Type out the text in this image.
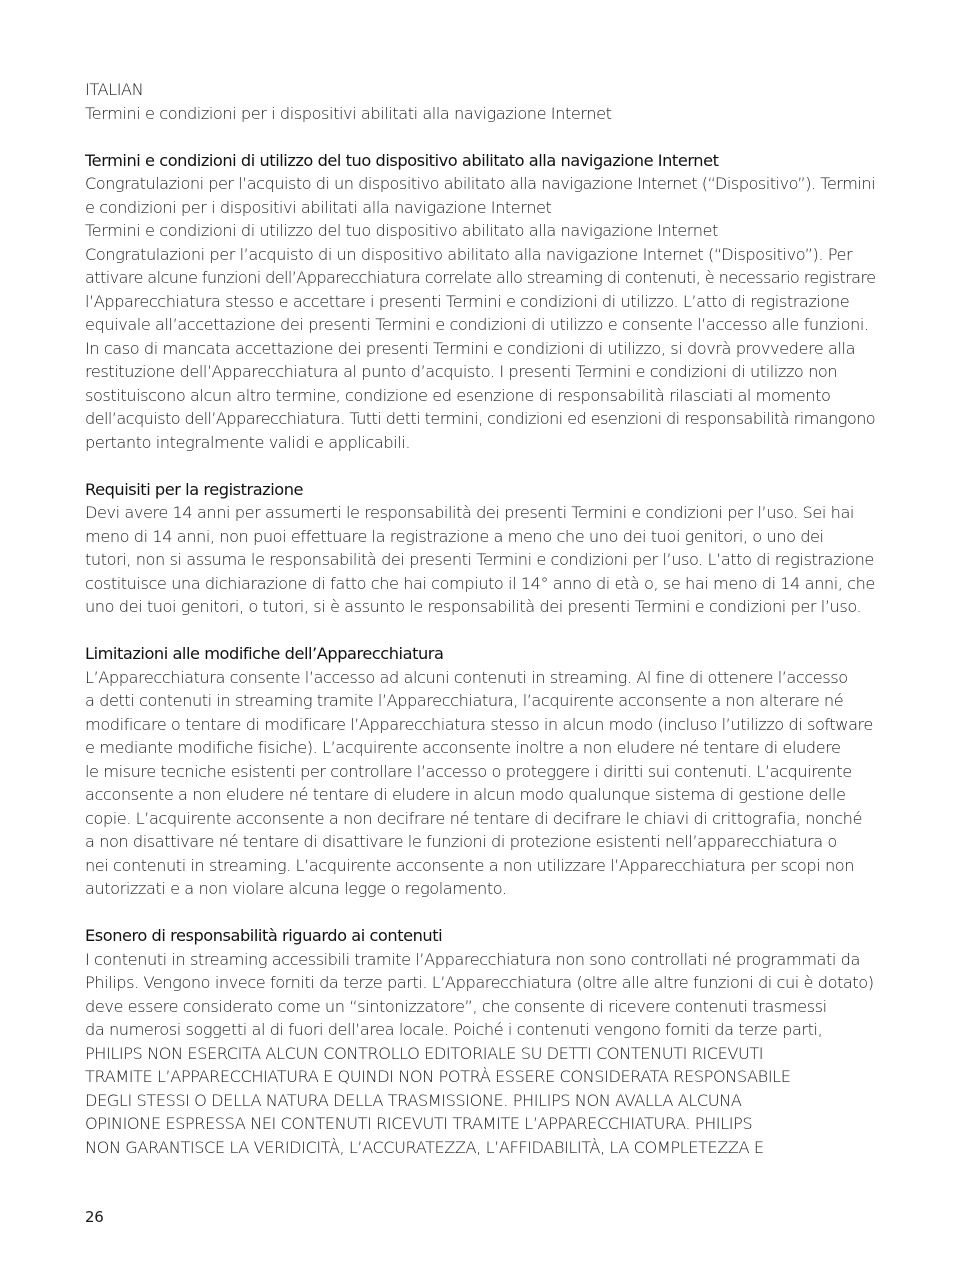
ITALIAN
Termini e condizioni per i dispositivi abilitati alla navigazione Internet
Termini e condizioni di utilizzo del tuo dispositivo abilitato alla navigazione Internet
Congratulazioni per l’acquisto di un dispositivo abilitato alla navigazione Internet (“Dispositivo”). Termini
e condizioni per i dispositivi abilitati alla navigazione Internet
Termini e condizioni di utilizzo del tuo dispositivo abilitato alla navigazione Internet
Congratulazioni per l’acquisto di un dispositivo abilitato alla navigazione Internet (“Dispositivo”). Per
attivare alcune funzioni dell’Apparecchiatura correlate allo streaming di contenuti, è necessario registrare
l’Apparecchiatura stesso e accettare i presenti Termini e condizioni di utilizzo. L’atto di registrazione
equivale all’accettazione dei presenti Termini e condizioni di utilizzo e consente l’accesso alle funzioni.
In caso di mancata accettazione dei presenti Termini e condizioni di utilizzo, si dovrà provvedere alla
restituzione dell’Apparecchiatura al punto d’acquisto. I presenti Termini e condizioni di utilizzo non
sostituiscono alcun altro termine, condizione ed esenzione di responsabilità rilasciati al momento
dell’acquisto dell’Apparecchiatura. Tutti detti termini, condizioni ed esenzioni di responsabilità rimangono
pertanto integralmente validi e applicabili.
Requisiti per la registrazione
Devi avere 14 anni per assumerti le responsabilità dei presenti Termini e condizioni per l’uso. Sei hai
meno di 14 anni, non puoi effettuare la registrazione a meno che uno dei tuoi genitori, o uno dei
tutori, non si assuma le responsabilità dei presenti Termini e condizioni per l’uso. L’atto di registrazione
costituisce una dichiarazione di fatto che hai compiuto il 14° anno di età o, se hai meno di 14 anni, che
uno dei tuoi genitori, o tutori, si è assunto le responsabilità dei presenti Termini e condizioni per l’uso.
Limitazioni alle modifiche dell’Apparecchiatura
L’Apparecchiatura consente l’accesso ad alcuni contenuti in streaming. Al fine di ottenere l’accesso
a detti contenuti in streaming tramite l’Apparecchiatura, l’acquirente acconsente a non alterare né
modificare o tentare di modificare l’Apparecchiatura stesso in alcun modo (incluso l’utilizzo di software
e mediante modifiche fisiche). L’acquirente acconsente inoltre a non eludere né tentare di eludere
le misure tecniche esistenti per controllare l’accesso o proteggere i diritti sui contenuti. L’acquirente
acconsente a non eludere né tentare di eludere in alcun modo qualunque sistema di gestione delle
copie. L’acquirente acconsente a non decifrare né tentare di decifrare le chiavi di crittografia, nonché
a non disattivare né tentare di disattivare le funzioni di protezione esistenti nell’apparecchiatura o
nei contenuti in streaming. L’acquirente acconsente a non utilizzare l’Apparecchiatura per scopi non
autorizzati e a non violare alcuna legge o regolamento.
Esonero di responsabilità riguardo ai contenuti
I contenuti in streaming accessibili tramite l’Apparecchiatura non sono controllati né programmati da
Philips. Vengono invece forniti da terze parti. L’Apparecchiatura (oltre alle altre funzioni di cui è dotato)
deve essere considerato come un “sintonizzatore”, che consente di ricevere contenuti trasmessi
da numerosi soggetti al di fuori dell’area locale. Poiché i contenuti vengono forniti da terze parti,
PHILIPS NON ESERCITA ALCUN CONTROLLO EDITORIALE SU DETTI CONTENUTI RICEVUTI
TRAMITE L’APPARECCHIATURA E QUINDI NON POTRÀ ESSERE CONSIDERATA RESPONSABILE
DEGLI STESSI O DELLA NATURA DELLA TRASMISSIONE. PHILIPS NON AVALLA ALCUNA
OPINIONE ESPRESSA NEI CONTENUTI RICEVUTI TRAMITE L’APPARECCHIATURA. PHILIPS
NON GARANTISCE LA VERIDICITÀ, L’ACCURATEZZA, L’AFFIDABILITÀ, LA COMPLETEZZA E
26
